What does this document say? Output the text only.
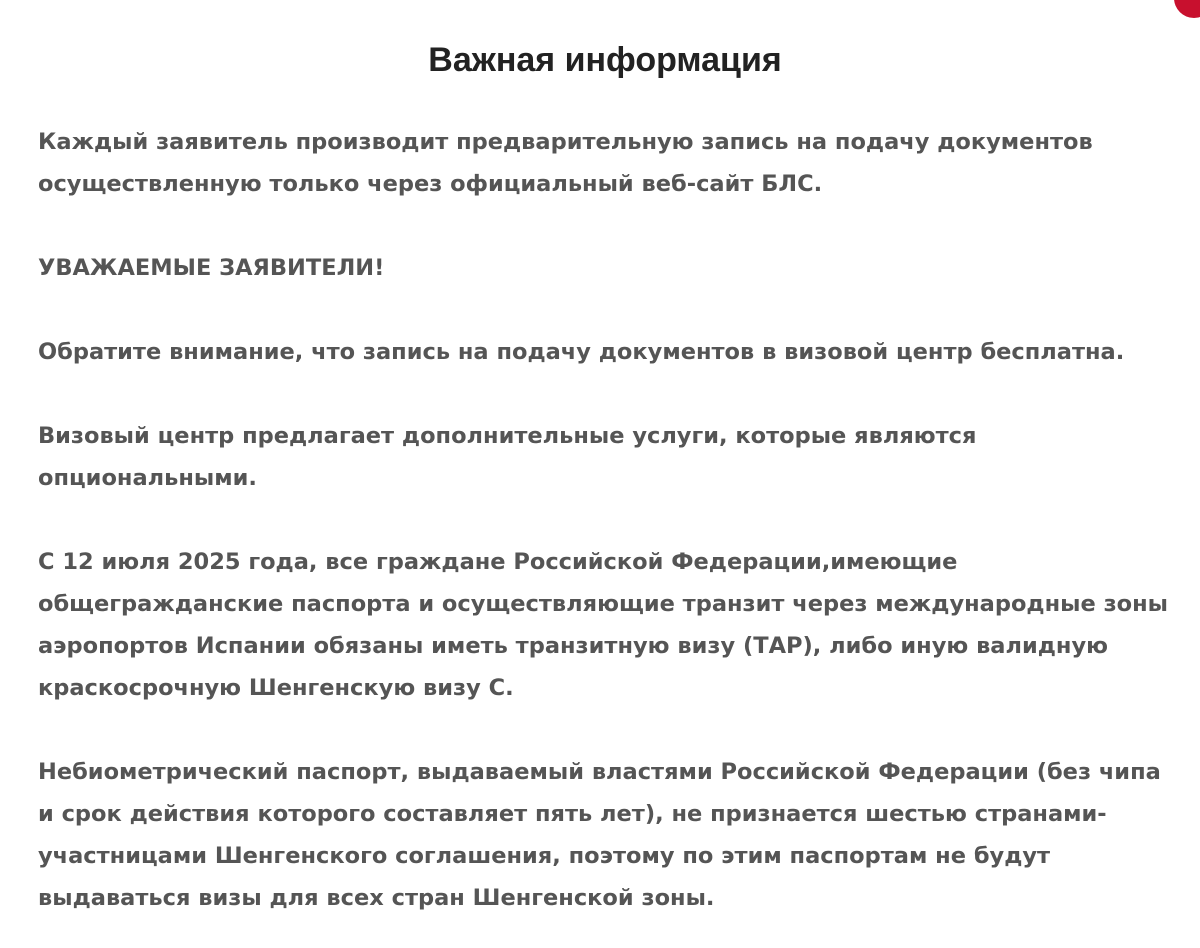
Важная информация

Каждый заявитель производит предварительную запись на подачу документов осуществленную только через официальный веб-сайт БЛС.

УВАЖАЕМЫЕ ЗАЯВИТЕЛИ!

Обратите внимание, что запись на подачу документов в визовой центр бесплатна.

Визовый центр предлагает дополнительные услуги, которые являются опциональными.

С 12 июля 2025 года, все граждане Российской Федерации,имеющие общегражданские паспорта и осуществляющие транзит через международные зоны аэропортов Испании обязаны иметь транзитную визу (ТАР), либо иную валидную краскосрочную Шенгенскую визу С.

Небиометрический паспорт, выдаваемый властями Российской Федерации (без чипа и срок действия которого составляет пять лет), не признается шестью странами-участницами Шенгенского соглашения, поэтому по этим паспортам не будут выдаваться визы для всех стран Шенгенской зоны.
